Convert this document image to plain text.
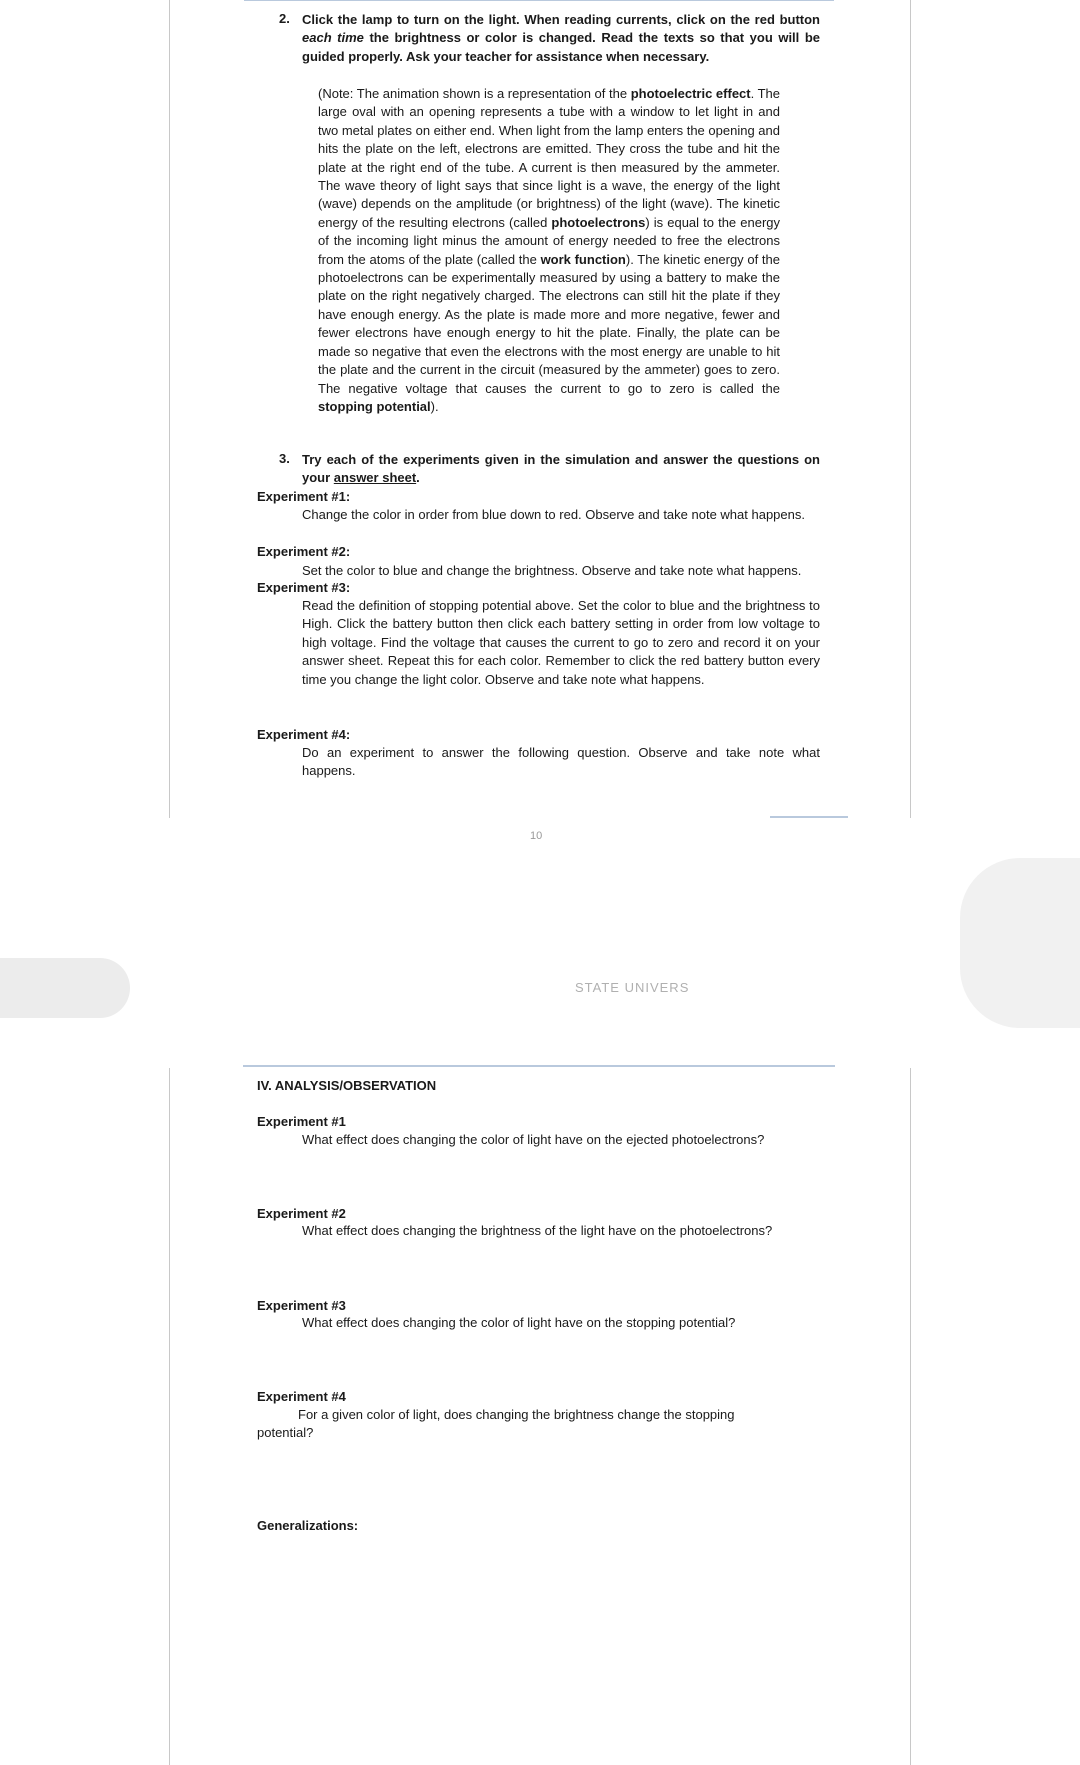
2. Click the lamp to turn on the light. When reading currents, click on the red button each time the brightness or color is changed. Read the texts so that you will be guided properly. Ask your teacher for assistance when necessary.
(Note: The animation shown is a representation of the photoelectric effect. The large oval with an opening represents a tube with a window to let light in and two metal plates on either end. When light from the lamp enters the opening and hits the plate on the left, electrons are emitted. They cross the tube and hit the plate at the right end of the tube. A current is then measured by the ammeter. The wave theory of light says that since light is a wave, the energy of the light (wave) depends on the amplitude (or brightness) of the light (wave). The kinetic energy of the resulting electrons (called photoelectrons) is equal to the energy of the incoming light minus the amount of energy needed to free the electrons from the atoms of the plate (called the work function). The kinetic energy of the photoelectrons can be experimentally measured by using a battery to make the plate on the right negatively charged. The electrons can still hit the plate if they have enough energy. As the plate is made more and more negative, fewer and fewer electrons have enough energy to hit the plate. Finally, the plate can be made so negative that even the electrons with the most energy are unable to hit the plate and the current in the circuit (measured by the ammeter) goes to zero. The negative voltage that causes the current to go to zero is called the stopping potential).
3. Try each of the experiments given in the simulation and answer the questions on your answer sheet.
Experiment #1:
Change the color in order from blue down to red. Observe and take note what happens.
Experiment #2:
Set the color to blue and change the brightness. Observe and take note what happens.
Experiment #3:
Read the definition of stopping potential above. Set the color to blue and the brightness to High. Click the battery button then click each battery setting in order from low voltage to high voltage. Find the voltage that causes the current to go to zero and record it on your answer sheet. Repeat this for each color. Remember to click the red battery button every time you change the light color. Observe and take note what happens.
Experiment #4:
Do an experiment to answer the following question. Observe and take note what happens.
10
STATE UNIVERS
IV. ANALYSIS/OBSERVATION
Experiment #1
What effect does changing the color of light have on the ejected photoelectrons?
Experiment #2
What effect does changing the brightness of the light have on the photoelectrons?
Experiment #3
What effect does changing the color of light have on the stopping potential?
Experiment #4
For a given color of light, does changing the brightness change the stopping
potential?
Generalizations:
